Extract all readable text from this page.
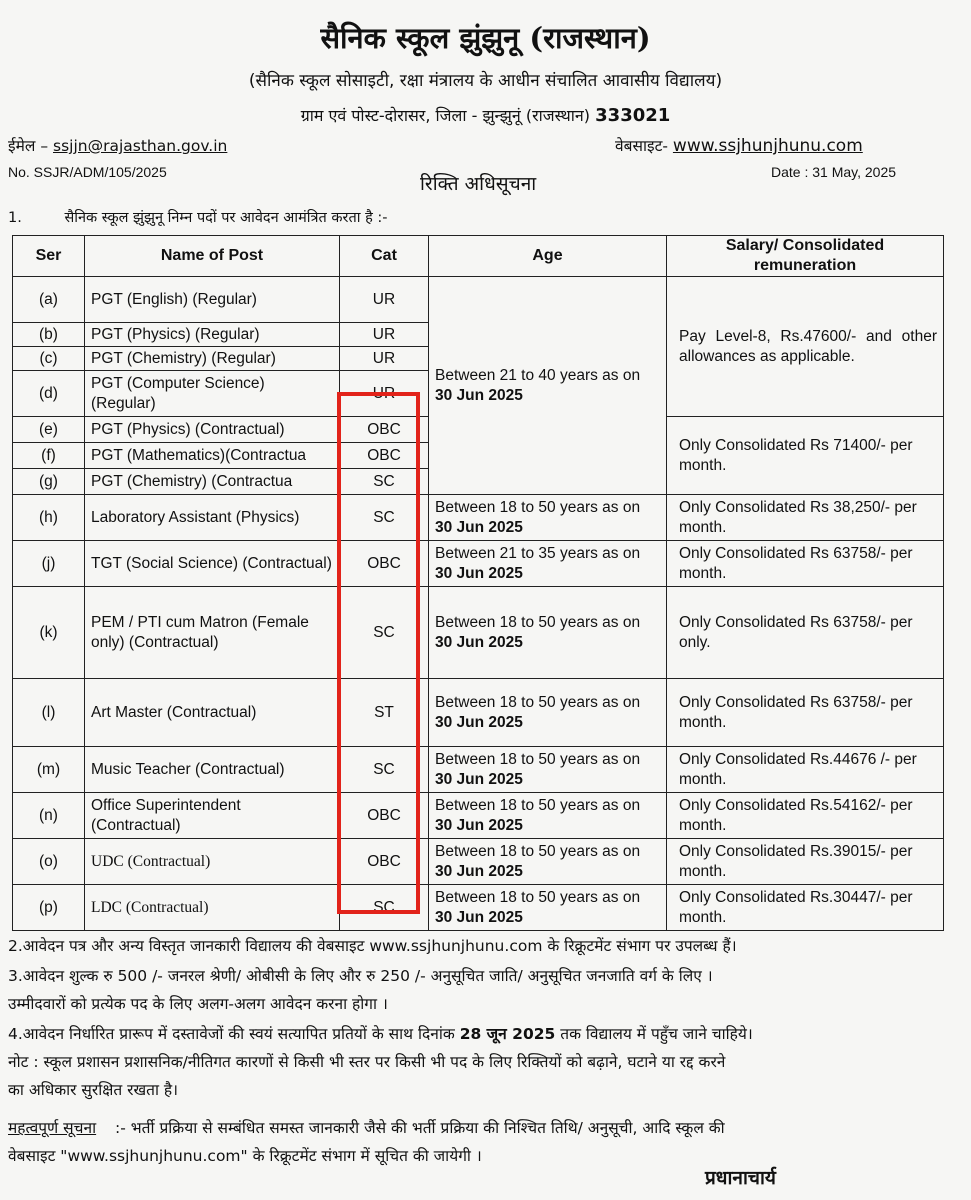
सैनिक स्कूल झुंझुनू (राजस्थान)
(सैनिक स्कूल सोसाइटी, रक्षा मंत्रालय के आधीन संचालित आवासीय विद्यालय)
ग्राम एवं पोस्ट-दोरासर, जिला - झुन्झुनूं (राजस्थान) 333021
ईमेल – ssjjn@rajasthan.gov.in	वेबसाइट- www.ssjhunjhunu.com
No. SSJR/ADM/105/2025
रिक्ति अधिसूचना
Date : 31 May, 2025
1.	सैनिक स्कूल झुंझुनू निम्न पदों पर आवेदन आमंत्रित करता है :-
Ser	Name of Post	Cat	Age	Salary/ Consolidated remuneration
(a)	PGT (English) (Regular)	UR	Between 21 to 40 years as on 30 Jun 2025	Pay Level-8, Rs.47600/- and other allowances as applicable.
(b)	PGT (Physics) (Regular)	UR		
(c)	PGT (Chemistry) (Regular)	UR		
(d)	PGT (Computer Science) (Regular)	UR		
(e)	PGT (Physics) (Contractual)	OBC		Only Consolidated Rs 71400/- per month.
(f)	PGT (Mathematics)(Contractua	OBC		
(g)	PGT (Chemistry) (Contractua	SC		
(h)	Laboratory Assistant (Physics)	SC	Between 18 to 50 years as on 30 Jun 2025	Only Consolidated Rs 38,250/- per month.
(j)	TGT (Social Science) (Contractual)	OBC	Between 21 to 35 years as on 30 Jun 2025	Only Consolidated Rs 63758/- per month.
(k)	PEM / PTI cum Matron (Female only) (Contractual)	SC	Between 18 to 50 years as on
30 Jun 2025	Only Consolidated Rs 63758/- per only.
(l)	Art Master (Contractual)	ST	Between 18 to 50 years as on
30 Jun 2025	Only Consolidated Rs 63758/- per month.
(m)	Music Teacher (Contractual)	SC	Between 18 to 50 years as on 30 Jun 2025	Only Consolidated Rs.44676 /- per month.
(n)	Office Superintendent (Contractual)	OBC	Between 18 to 50 years as on 30 Jun 2025	Only Consolidated Rs.54162/- per month.
(o)	UDC (Contractual)	OBC	Between 18 to 50 years as on 30 Jun 2025	Only Consolidated Rs.39015/- per month.
(p)	LDC (Contractual)	SC	Between 18 to 50 years as on 30 Jun 2025	Only Consolidated Rs.30447/- per month.
2.आवेदन पत्र और अन्य विस्तृत जानकारी विद्यालय की वेबसाइट www.ssjhunjhunu.com के रिक्रूटमेंट संभाग पर उपलब्ध हैं।
3.आवेदन शुल्क रु 500 /- जनरल श्रेणी/ ओबीसी के लिए और रु 250 /- अनुसूचित जाति/ अनुसूचित जनजाति वर्ग के लिए ।
उम्मीदवारों को प्रत्येक पद के लिए अलग-अलग आवेदन करना होगा ।
4.आवेदन निर्धारित प्रारूप में दस्तावेजों की स्वयं सत्यापित प्रतियों के साथ दिनांक 28 जून 2025 तक विद्यालय में पहुँच जाने चाहिये।
नोट : स्कूल प्रशासन प्रशासनिक/नीतिगत कारणों से किसी भी स्तर पर किसी भी पद के लिए रिक्तियों को बढ़ाने, घटाने या रद्द करने
का अधिकार सुरक्षित रखता है।
महत्वपूर्ण सूचना :- भर्ती प्रक्रिया से सम्बंधित समस्त जानकारी जैसे की भर्ती प्रक्रिया की निश्चित तिथि/ अनुसूची, आदि स्कूल की
वेबसाइट "www.ssjhunjhunu.com" के रिक्रूटमेंट संभाग में सूचित की जायेगी ।
प्रधानाचार्य
